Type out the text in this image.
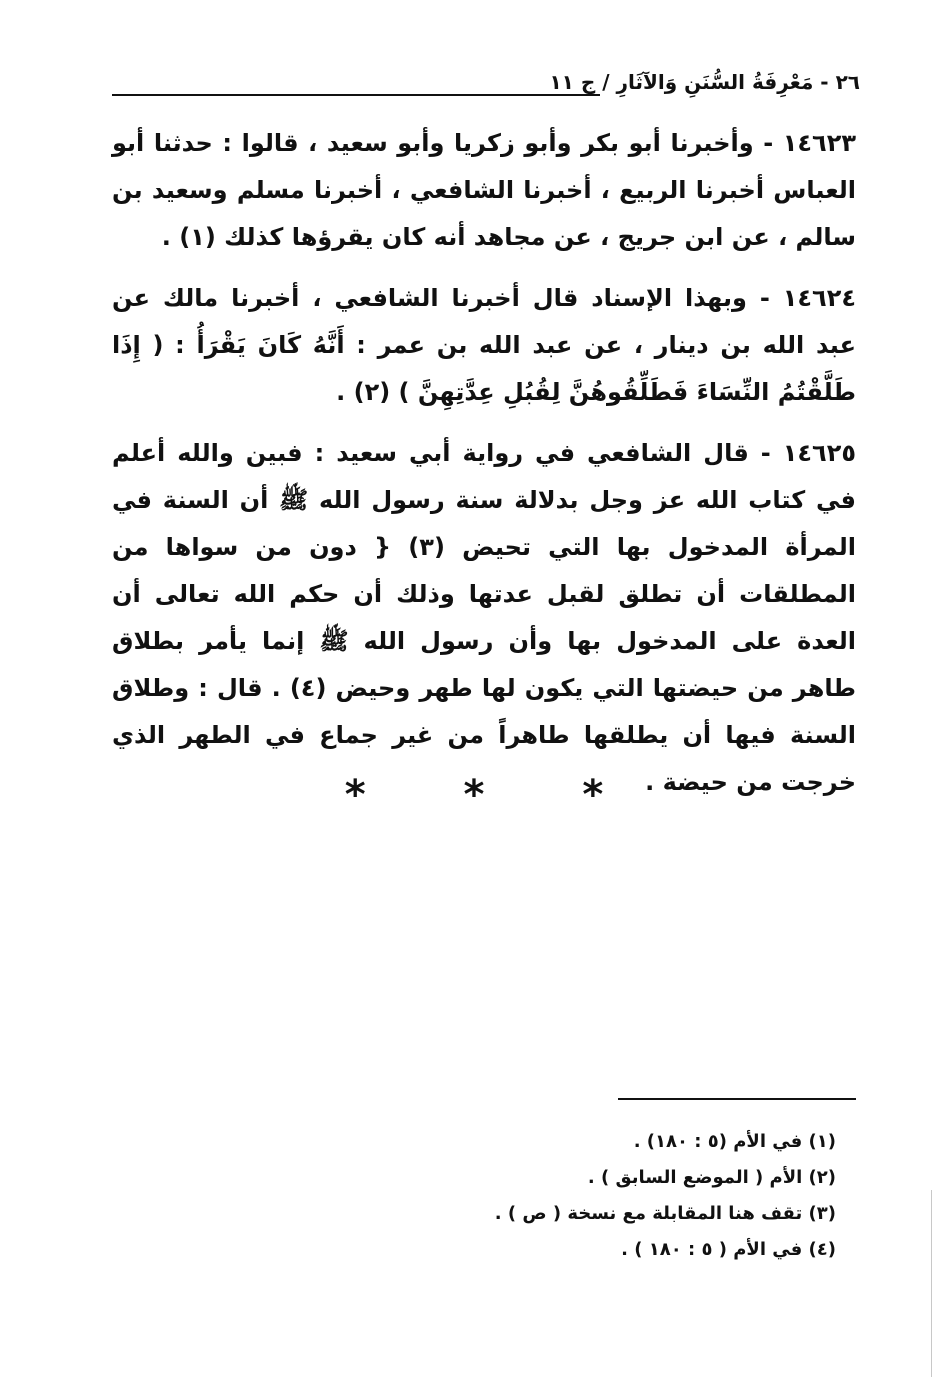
٢٦ - مَعْرِفَةُ السُّنَنِ وَالآثَارِ / ج ١١

١٤٦٢٣ - وأخبرنا أبو بكر وأبو زكريا وأبو سعيد ، قالوا : حدثنا أبو العباس أخبرنا الربيع ، أخبرنا الشافعي ، أخبرنا مسلم وسعيد بن سالم ، عن ابن جريج ، عن مجاهد أنه كان يقرؤها كذلك (١) .

١٤٦٢٤ - وبهذا الإسناد قال أخبرنا الشافعي ، أخبرنا مالك عن عبد الله بن دينار ، عن عبد الله بن عمر : أَنَّهُ كَانَ يَقْرَأُ : ( إِذَا طَلَّقْتُمُ النِّسَاءَ فَطَلِّقُوهُنَّ لِقُبُلِ عِدَّتِهِنَّ ) (٢) .

١٤٦٢٥ - قال الشافعي في رواية أبي سعيد : فبين والله أعلم في كتاب الله عز وجل بدلالة سنة رسول الله ﷺ أن السنة في المرأة المدخول بها التي تحيض (٣) { دون من سواها من المطلقات أن تطلق لقبل عدتها وذلك أن حكم الله تعالى أن العدة على المدخول بها وأن رسول الله ﷺ إنما يأمر بطلاق طاهر من حيضتها التي يكون لها طهر وحيض (٤) . قال : وطلاق السنة فيها أن يطلقها طاهراً من غير جماع في الطهر الذي خرجت من حيضة .

* * *
(١) في الأم (٥ : ١٨٠) .
(٢) الأم ( الموضع السابق ) .
(٣) تقف هنا المقابلة مع نسخة ( ص ) .
(٤) في الأم ( ٥ : ١٨٠ ) .
